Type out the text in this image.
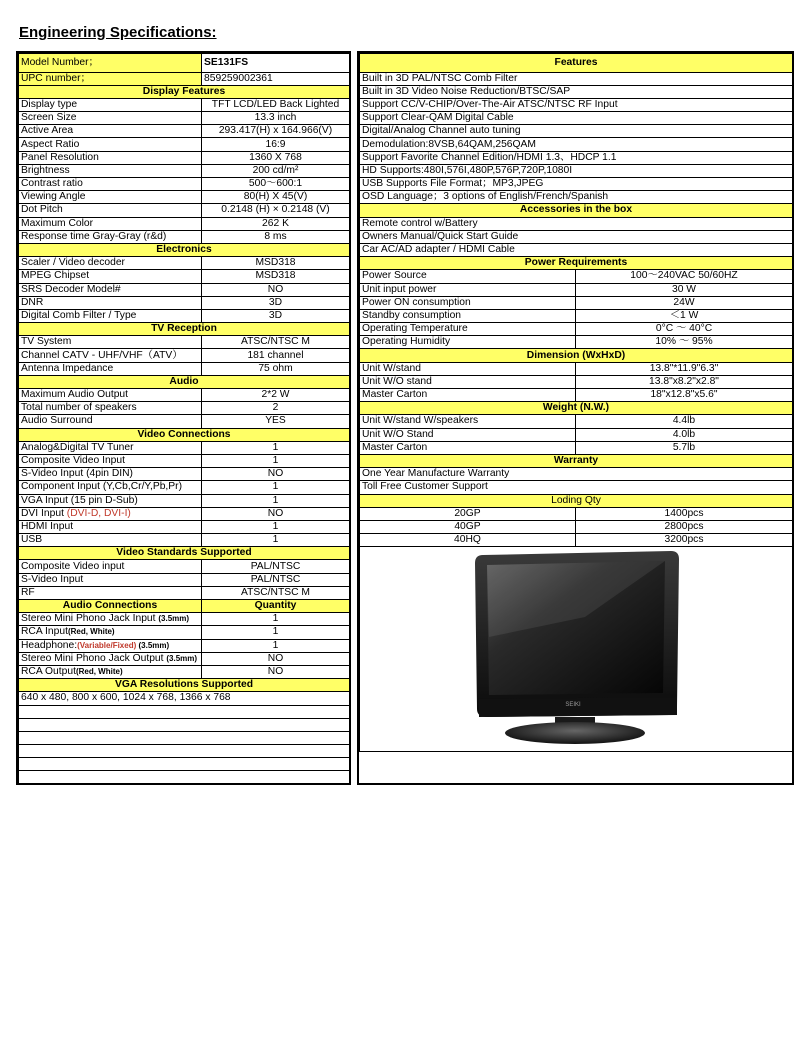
Engineering Specifications:
Model Number；	SE131FS
UPC number；	859259002361
Display Features	
Display type	TFT LCD/LED Back Lighted
Screen Size	13.3 inch
Active Area	293.417(H) x 164.966(V)
Aspect Ratio	16:9
Panel Resolution	1360 X 768
Brightness	200 cd/m²
Contrast ratio	500～600:1
Viewing Angle	80(H) X 45(V)
Dot Pitch	0.2148 (H) × 0.2148 (V)
Maximum Color	262 K
Response time Gray-Gray (r&d)	8 ms
Electronics	
Scaler / Video decoder	MSD318
MPEG Chipset	MSD318
SRS Decoder Model#	NO
DNR	3D
Digital Comb Filter / Type	3D
TV Reception	
TV System	ATSC/NTSC M
Channel CATV - UHF/VHF（ATV）	181 channel
Antenna Impedance	75 ohm
Audio	
Maximum Audio Output	2*2 W
Total number of speakers	2
Audio Surround	YES
Video Connections	
Analog&Digital TV Tuner	1
Composite Video Input	1
S-Video Input (4pin DIN)	NO
Component Input (Y,Cb,Cr/Y,Pb,Pr)	1
VGA Input (15 pin D-Sub)	1
DVI Input (DVI-D, DVI-I)	NO
HDMI Input	1
USB	1
Video Standards Supported	
Composite Video input	PAL/NTSC
S-Video Input	PAL/NTSC
RF	ATSC/NTSC M
Audio Connections	Quantity
Stereo Mini Phono Jack Input (3.5mm)	1
RCA Input(Red, White)	1
Headphone:(Variable/Fixed) (3.5mm)	1
Stereo Mini Phono Jack Output (3.5mm)	NO
RCA Output(Red, White)	NO
VGA Resolutions Supported	
640 x 480, 800 x 600, 1024 x 768, 1366 x 768	

Features	
Built in 3D PAL/NTSC Comb Filter	
Built in 3D Video Noise Reduction/BTSC/SAP	
Support CC/V-CHIP/Over-The-Air ATSC/NTSC RF Input	
Support Clear-QAM Digital Cable	
Digital/Analog Channel auto tuning	
Demodulation:8VSB,64QAM,256QAM	
Support Favorite Channel Edition/HDMI 1.3、HDCP 1.1	
HD Supports:480I,576I,480P,576P,720P,1080I	
USB Supports File Format；MP3,JPEG	
OSD Language；3 options of English/French/Spanish	
Accessories in the box	
Remote control w/Battery	
Owners Manual/Quick Start Guide	
Car AC/AD adapter / HDMI Cable	
Power Requirements	
Power Source	100～240VAC 50/60HZ
Unit input power	30 W
Power ON consumption	24W
Standby consumption	＜1 W
Operating Temperature	0°C ～ 40°C
Operating Humidity	10% ～ 95%
Dimension (WxHxD)	
Unit W/stand	13.8"*11.9"6.3"
Unit W/O stand	13.8"x8.2"x2.8"
Master Carton	18"x12.8"x5.6"
Weight (N.W.)	
Unit W/stand W/speakers	4.4lb
Unit W/O Stand	4.0lb
Master Carton	5.7lb
Warranty	
One Year Manufacture Warranty	
Toll Free Customer Support	
Loding Qty	
20GP	1400pcs
40GP	2800pcs
40HQ	3200pcs

SEIKI	
